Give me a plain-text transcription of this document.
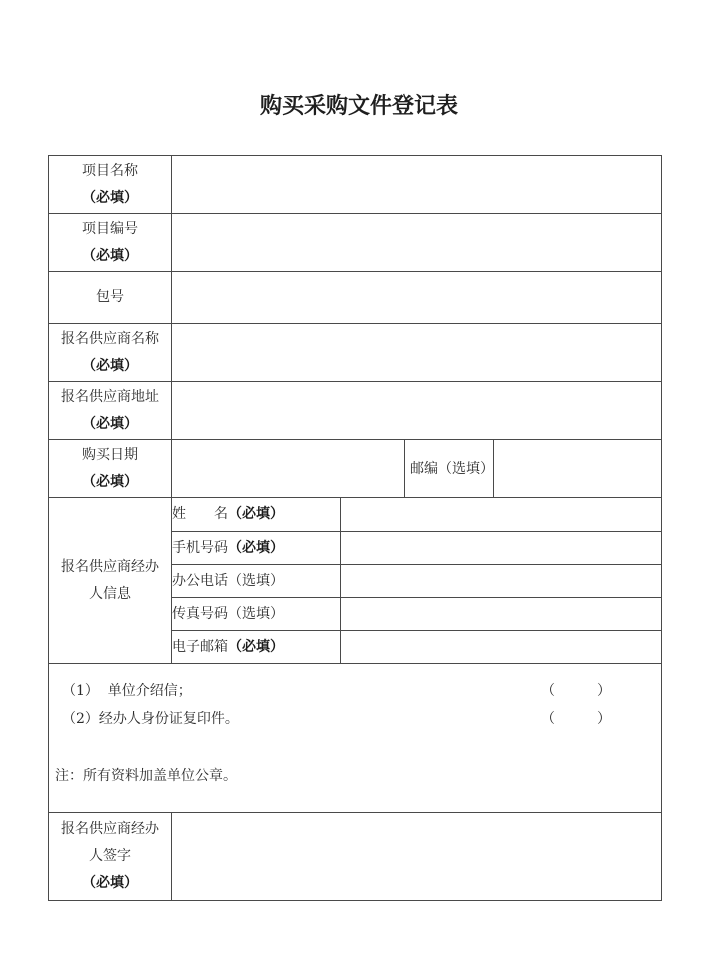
购买采购文件登记表
项目名称
（必填）				

项目编号
（必填）				

包号				

报名供应商名称
（必填）				

报名供应商地址
（必填）				

购买日期
（必填）			邮编（选填）	

报名供应商经办人信息	姓　　名（必填）			
	手机号码（必填）			
	办公电话（选填）			
	传真号码（选填）			
	电子邮箱（必填）			

（1）  单位介绍信； （　　　）
（2）经办人身份证复印件。 （　　　）
注：所有资料加盖单位公章。				

报名供应商经办人签字
（必填）				
